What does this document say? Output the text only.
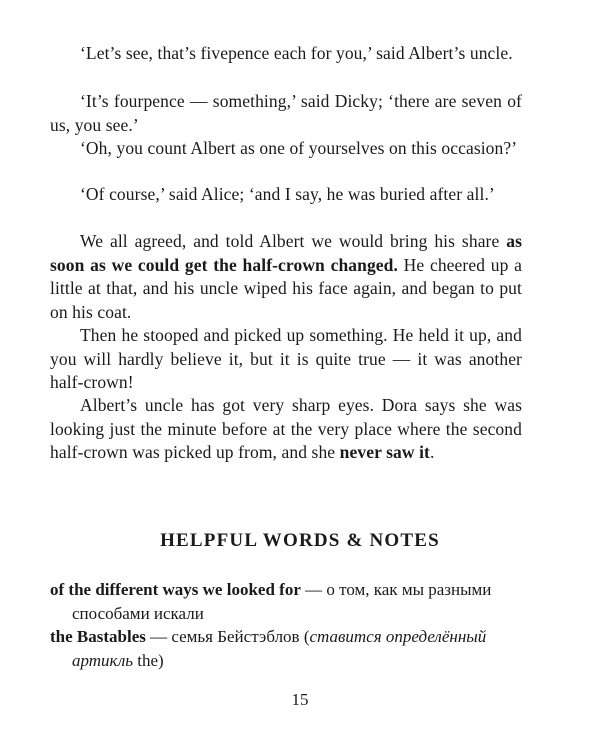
‘Let’s see, that’s fivepence each for you,’ said Albert’s uncle.

‘It’s fourpence — something,’ said Dicky; ‘there are seven of us, you see.’

‘Oh, you count Albert as one of yourselves on this occasion?’

‘Of course,’ said Alice; ‘and I say, he was buried after all.’

We all agreed, and told Albert we would bring his share as soon as we could get the half-crown changed. He cheered up a little at that, and his uncle wiped his face again, and began to put on his coat.

Then he stooped and picked up something. He held it up, and you will hardly believe it, but it is quite true — it was another half-crown!

Albert’s uncle has got very sharp eyes. Dora says she was looking just the minute before at the very place where the second half-crown was picked up from, and she never saw it.

HELPFUL WORDS & NOTES

of the different ways we looked for — о том, как мы разными способами искали

the Bastables — семья Бейстэблов (ставится определённый артикль the)

15
